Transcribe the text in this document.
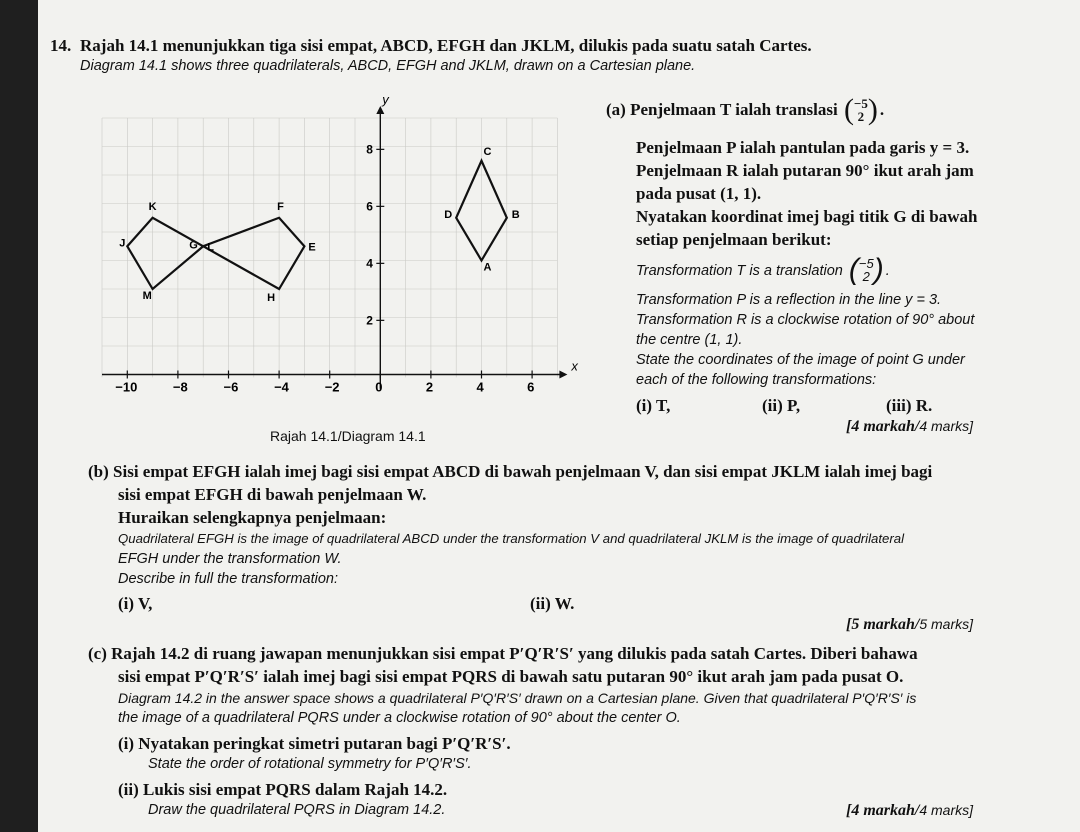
14. Rajah 14.1 menunjukkan tiga sisi empat, ABCD, EFGH dan JKLM, dilukis pada suatu satah Cartes.
Diagram 14.1 shows three quadrilaterals, ABCD, EFGH and JKLM, drawn on a Cartesian plane.
x
y
−10	−8	−6	−4	−2	0	2	4	6
8
6
4
2
A
B
C
D
E
F
G
H
J
K
L
M
Rajah 14.1/Diagram 14.1
(a) Penjelmaan T ialah translasi (−5
2 ) .
Penjelmaan P ialah pantulan pada garis y = 3.
Penjelmaan R ialah putaran 90° ikut arah jam
pada pusat (1, 1).
Nyatakan koordinat imej bagi titik G di bawah
setiap penjelmaan berikut:
Transformation T is a translation (−5
2 ) .
Transformation P is a reflection in the line y = 3.
Transformation R is a clockwise rotation of 90° about
the centre (1, 1).
State the coordinates of the image of point G under
each of the following transformations:
(i) T,	(ii) P,	(iii) R.
[4 markah/4 marks]
(b) Sisi empat EFGH ialah imej bagi sisi empat ABCD di bawah penjelmaan V, dan sisi empat JKLM ialah imej bagi
sisi empat EFGH di bawah penjelmaan W.
Huraikan selengkapnya penjelmaan:
Quadrilateral EFGH is the image of quadrilateral ABCD under the transformation V and quadrilateral JKLM is the image of quadrilateral
EFGH under the transformation W.
Describe in full the transformation:
(i) V,	(ii) W.
[5 markah/5 marks]
(c) Rajah 14.2 di ruang jawapan menunjukkan sisi empat P′Q′R′S′ yang dilukis pada satah Cartes. Diberi bahawa
sisi empat P′Q′R′S′ ialah imej bagi sisi empat PQRS di bawah satu putaran 90° ikut arah jam pada pusat O.
Diagram 14.2 in the answer space shows a quadrilateral P′Q′R′S′ drawn on a Cartesian plane. Given that quadrilateral P′Q′R′S′ is
the image of a quadrilateral PQRS under a clockwise rotation of 90° about the center O.
(i) Nyatakan peringkat simetri putaran bagi P′Q′R′S′.
State the order of rotational symmetry for P′Q′R′S′.
(ii) Lukis sisi empat PQRS dalam Rajah 14.2.
Draw the quadrilateral PQRS in Diagram 14.2.	[4 markah/4 marks]
